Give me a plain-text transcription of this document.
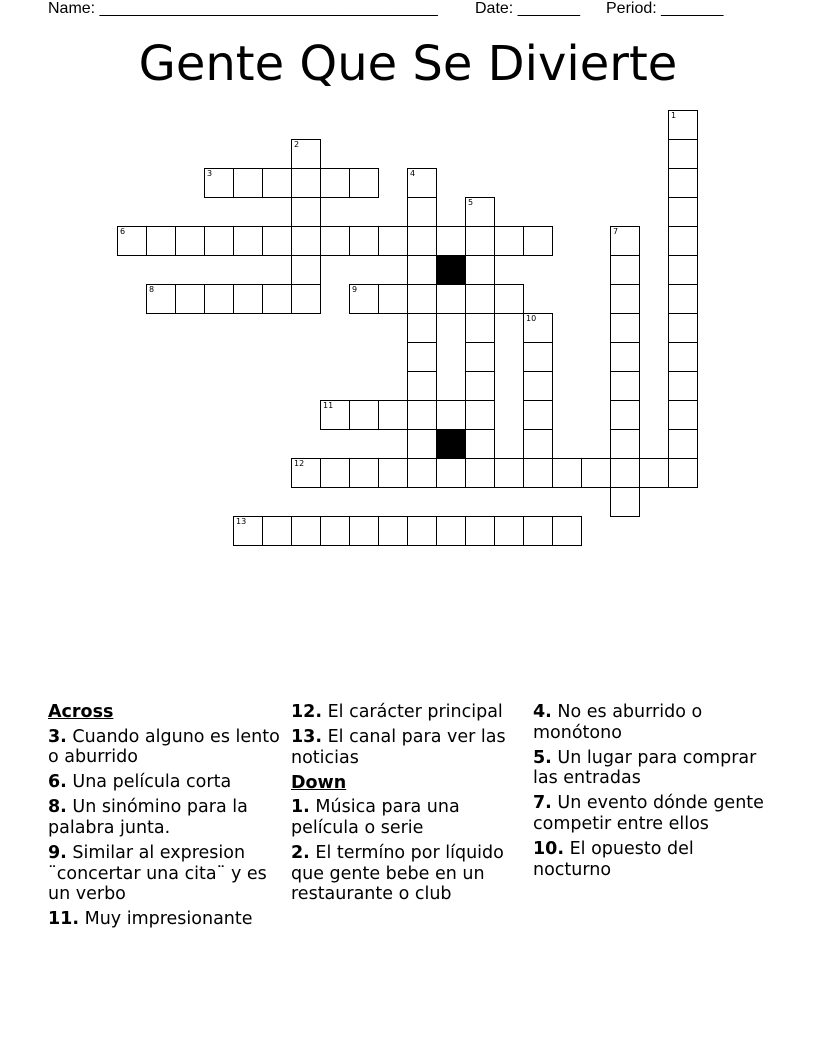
Name: ______________________________________ Date: _______ Period: _______
Gente Que Se Divierte
1
2
3	4
5
6	7
8	9
10
11
12
13
Across
3. Cuando alguno es lento o aburrido
6. Una película corta
8. Un sinómino para la palabra junta.
9. Similar al expresion ¨concertar una cita¨ y es un verbo
11. Muy impresionante
12. El carácter principal
13. El canal para ver las noticias
Down
1. Música para una película o serie
2. El termíno por líquido que gente bebe en un restaurante o club
4. No es aburrido o monótono
5. Un lugar para comprar las entradas
7. Un evento dónde gente competir entre ellos
10. El opuesto del nocturno
